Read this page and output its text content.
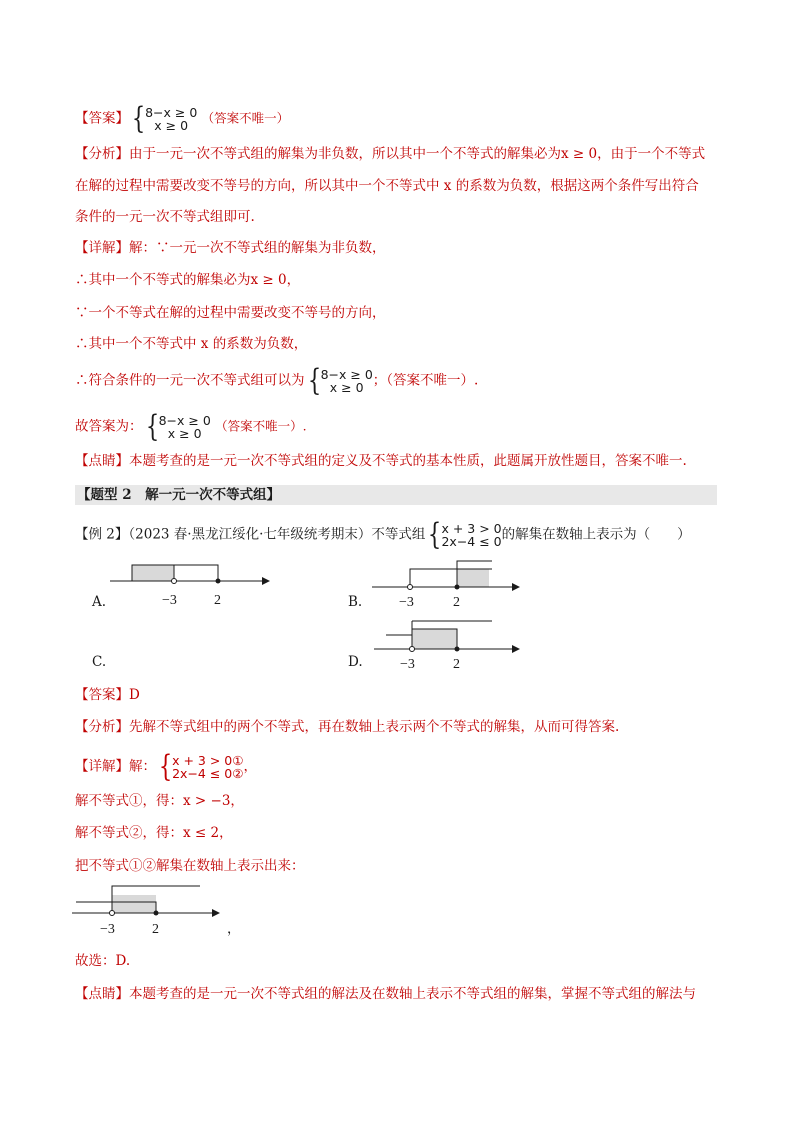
【答案】{ 8−x ≥ 0
x ≥ 0	（答案不唯一）
【分析】由于一元一次不等式组的解集为非负数，所以其中一个不等式的解集必为x ≥ 0，由于一个不等式
在解的过程中需要改变不等号的方向，所以其中一个不等式中 x 的系数为负数，根据这两个条件写出符合
条件的一元一次不等式组即可.
【详解】解：∵一元一次不等式组的解集为非负数，
∴其中一个不等式的解集必为x ≥ 0，
∵一个不等式在解的过程中需要改变不等号的方向，
∴其中一个不等式中 x 的系数为负数，
∴符合条件的一元一次不等式组可以为{ 8−x ≥ 0
x ≥ 0 ；（答案不唯一）.
故答案为：{ 8−x ≥ 0
x ≥ 0	（答案不唯一）.
【点睛】本题考查的是一元一次不等式组的定义及不等式的基本性质，此题属开放性题目，答案不唯一.
【题型 2　解一元一次不等式组】
【例 2】（2023 春·黑龙江绥化·七年级统考期末）不等式组{ x + 3 > 0
2x−4 ≤ 0 的解集在数轴上表示为（　　）
A.	−3	2	B.	−3	2
C.	D.	−3	2
【答案】D
【分析】先解不等式组中的两个不等式，再在数轴上表示两个不等式的解集，从而可得答案.
【详解】解：{ x + 3 > 0①
2x−4 ≤ 0② ，
解不等式①，得：x > −3，
解不等式②，得：x ≤ 2，
把不等式①②解集在数轴上表示出来：
−3	2	，
故选：D.
【点睛】本题考查的是一元一次不等式组的解法及在数轴上表示不等式组的解集，掌握不等式组的解法与
